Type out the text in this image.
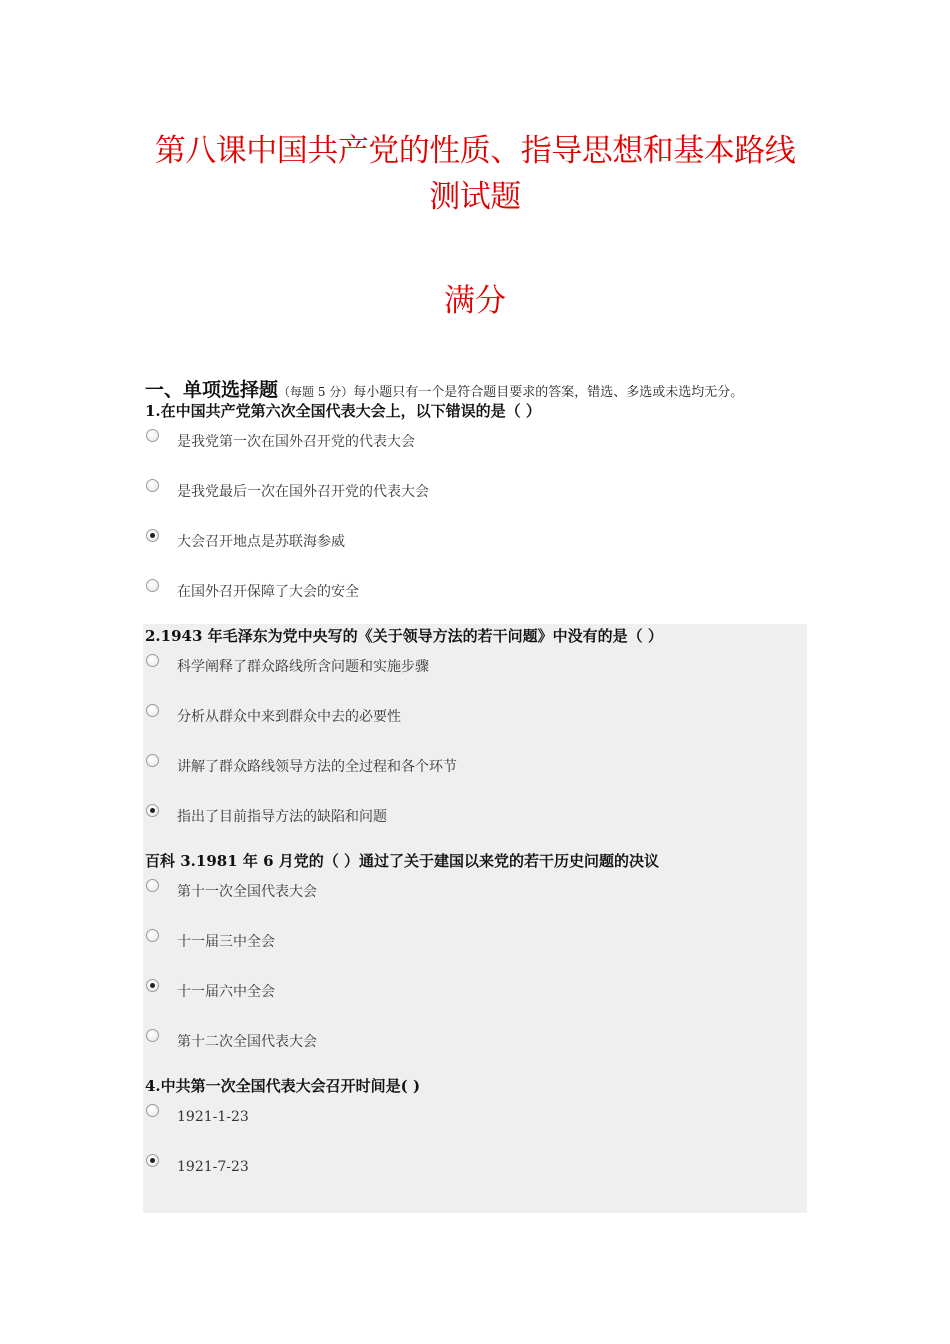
第八课中国共产党的性质、指导思想和基本路线
测试题
满分
一、单项选择题（每题 5 分）每小题只有一个是符合题目要求的答案，错选、多选或未选均无分。
1.在中国共产党第六次全国代表大会上，以下错误的是（ ）
是我党第一次在国外召开党的代表大会
是我党最后一次在国外召开党的代表大会
大会召开地点是苏联海参威
在国外召开保障了大会的安全
2.1943 年毛泽东为党中央写的《关于领导方法的若干问题》中没有的是（ ）
科学阐释了群众路线所含问题和实施步骤
分析从群众中来到群众中去的必要性
讲解了群众路线领导方法的全过程和各个环节
指出了目前指导方法的缺陷和问题
百科 3.1981 年 6 月党的（ ）通过了关于建国以来党的若干历史问题的决议
第十一次全国代表大会
十一届三中全会
十一届六中全会
第十二次全国代表大会
4.中共第一次全国代表大会召开时间是( )
1921-1-23
1921-7-23
